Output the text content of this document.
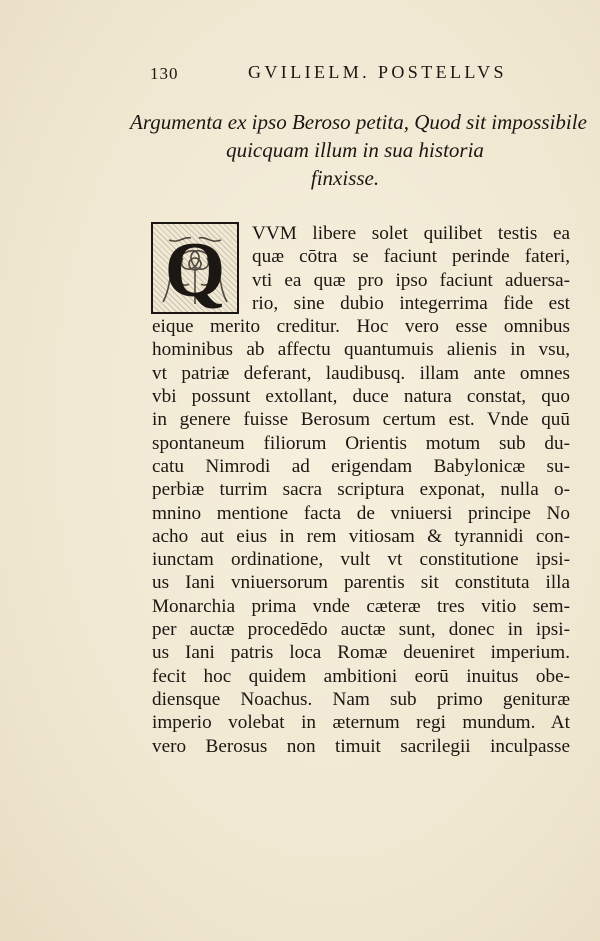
130	GVILIELM. POSTELLVS
Argumenta ex ipso Beroso petita, Quod sit impossibile
quicquam illum in sua historia
finxisse.
Q	VVM libere solet quilibet testis ea
quæ cōtra se faciunt perinde fateri,
vti ea quæ pro ipso faciunt aduersa-
rio, sine dubio integerrima fide est
eique merito creditur. Hoc vero esse omnibus
hominibus ab affectu quantumuis alienis in vsu,
vt patriæ deferant, laudibusq. illam ante omnes
vbi possunt extollant, duce natura constat, quo
in genere fuisse Berosum certum est. Vnde quū
spontaneum filiorum Orientis motum sub du-
catu Nimrodi ad erigendam Babylonicæ su-
perbiæ turrim sacra scriptura exponat, nulla o-
mnino mentione facta de vniuersi principe No
acho aut eius in rem vitiosam & tyrannidi con-
iunctam ordinatione, vult vt constitutione ipsi-
us Iani vniuersorum parentis sit constituta illa
Monarchia prima vnde cæteræ tres vitio sem-
per auctæ procedēdo auctæ sunt, donec in ipsi-
us Iani patris loca Romæ deueniret imperium.
fecit hoc quidem ambitioni eorū inuitus obe-
diensque Noachus. Nam sub primo genituræ
imperio volebat in æternum regi mundum. At
vero Berosus non timuit sacrilegii inculpasse
